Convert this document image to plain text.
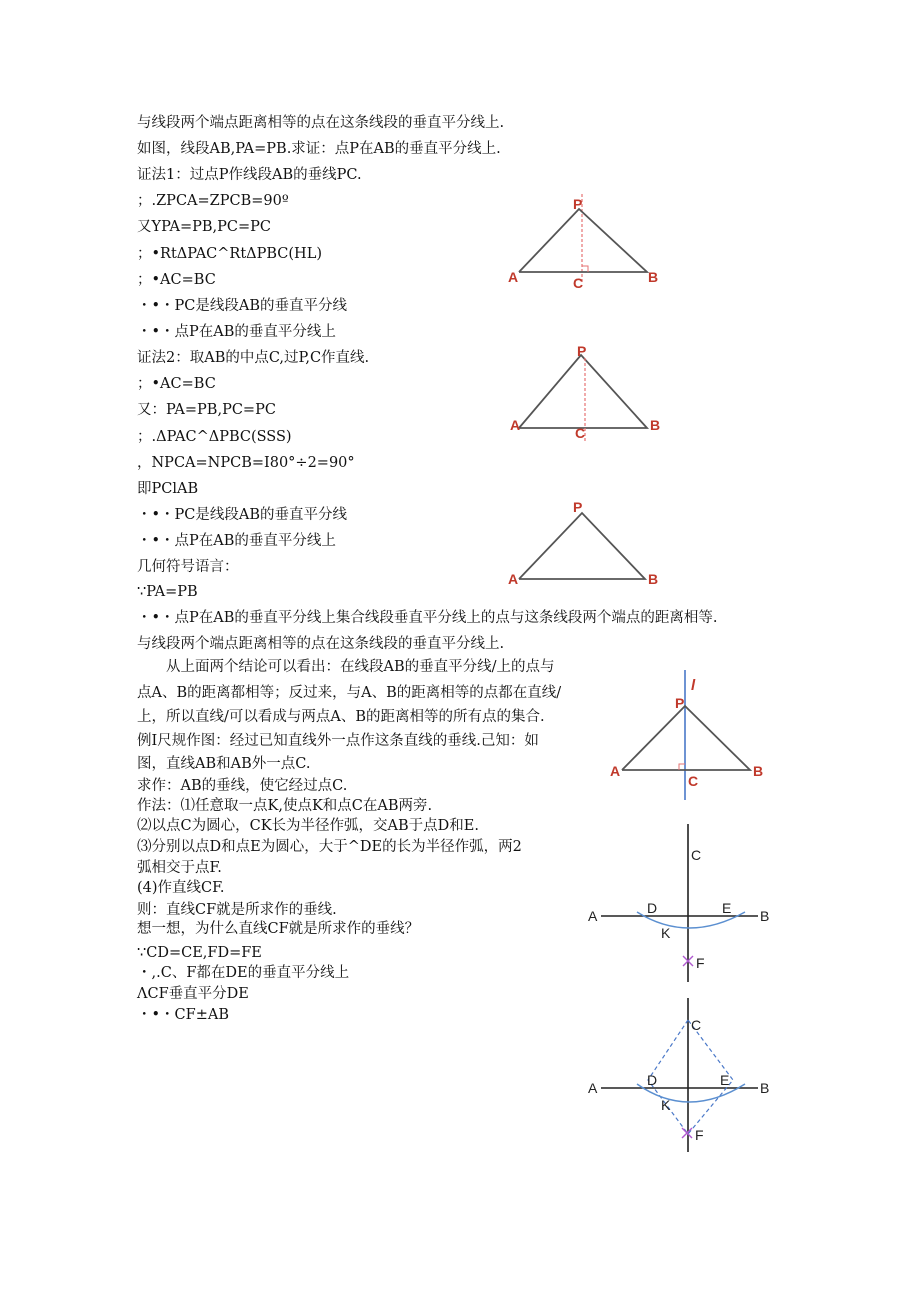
与线段两个端点距离相等的点在这条线段的垂直平分线上.
如图，线段AB,PA=PB.求证：点P在AB的垂直平分线上.
证法1：过点P作线段AB的垂线PC.
；.ZPCA=ZPCB=90º
又YPA=PB,PC=PC
；•RtΔPAC^RtΔPBC(HL)
；•AC=BC
・•・PC是线段AB的垂直平分线
・•・点P在AB的垂直平分线上
证法2：取AB的中点C,过P,C作直线.
；•AC=BC
又：PA=PB,PC=PC
；.ΔPAC^ΔPBC(SSS)
，NPCA=NPCB=I80°÷2=90°
即PClAB
・•・PC是线段AB的垂直平分线
・•・点P在AB的垂直平分线上
几何符号语言：
∵PA=PB
・•・点P在AB的垂直平分线上集合线段垂直平分线上的点与这条线段两个端点的距离相等.
与线段两个端点距离相等的点在这条线段的垂直平分线上.
　　从上面两个结论可以看出：在线段AB的垂直平分线/上的点与
点A、B的距离都相等；反过来，与A、B的距离相等的点都在直线/
上，所以直线/可以看成与两点A、B的距离相等的所有点的集合.
例I尺规作图：经过已知直线外一点作这条直线的垂线.己知：如
图，直线AB和AB外一点C.
求作：AB的垂线，使它经过点C.
作法：⑴任意取一点K,使点K和点C在AB两旁.
⑵以点C为圆心，CK长为半径作弧，交AB于点D和E.
⑶分别以点D和点E为圆心，大于^DE的长为半径作弧，两2
弧相交于点F.
(4)作直线CF.
则：直线CF就是所求作的垂线.
想一想，为什么直线CF就是所求作的垂线？
∵CD=CE,FD=FE
・,.C、F都在DE的垂直平分线上
ΛCF垂直平分DE
・•・CF±AB
P
A	B
C
P
A	B
C
P
A	B
l
P
A	B
C
C
A	B
D	E
K
F
C
A	B
D	E
K
F
